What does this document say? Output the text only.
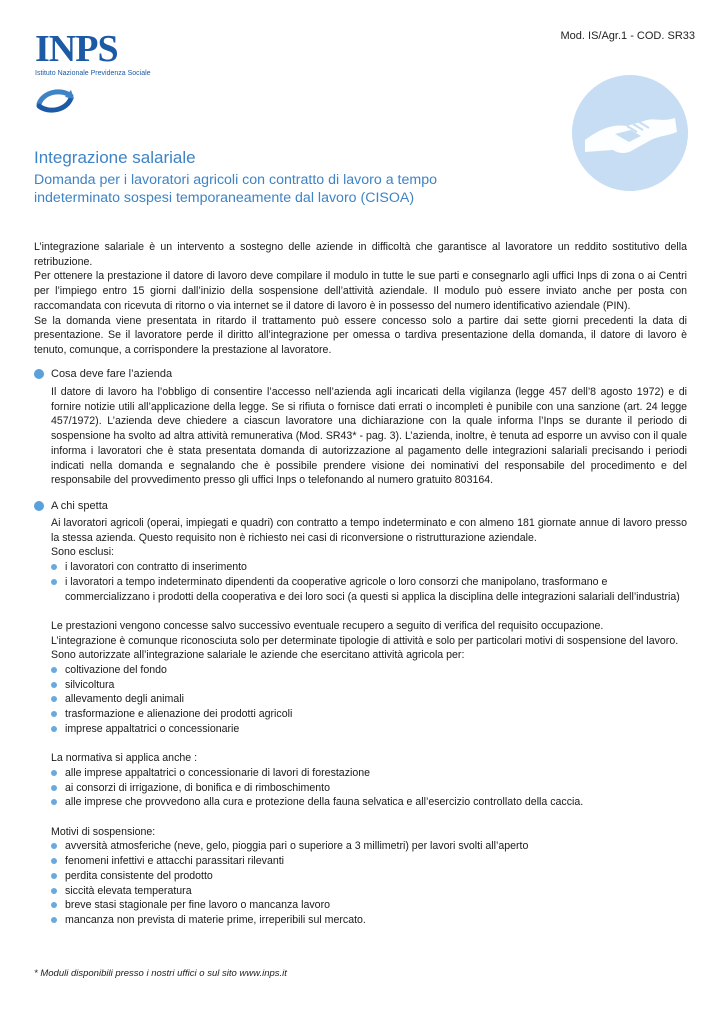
INPS
Istituto Nazionale Previdenza Sociale
Mod. IS/Agr.1 - COD. SR33
Integrazione salariale
Domanda per i lavoratori agricoli con contratto di lavoro a tempo indeterminato sospesi temporaneamente dal lavoro (CISOA)

L’integrazione salariale è un intervento a sostegno delle aziende in difficoltà che garantisce al lavoratore un reddito sostitutivo della retribuzione.

Per ottenere la prestazione il datore di lavoro deve compilare il modulo in tutte le sue parti e consegnarlo agli uffici Inps di zona o ai Centri per l’impiego entro 15 giorni dall’inizio della sospensione dell’attività aziendale. Il modulo può essere inviato anche per posta con raccomandata con ricevuta di ritorno o via internet se il datore di lavoro è in possesso del numero identificativo aziendale (PIN).

Se la domanda viene presentata in ritardo il trattamento può essere concesso solo a partire dai sette giorni precedenti la data di presentazione. Se il lavoratore perde il diritto all’integrazione per omessa o tardiva presentazione della domanda, il datore di lavoro è tenuto, comunque, a corrispondere la prestazione al lavoratore.

Cosa deve fare l’azienda
Il datore di lavoro ha l’obbligo di consentire l’accesso nell’azienda agli incaricati della vigilanza (legge 457 dell’8 agosto 1972) e di fornire notizie utili all’applicazione della legge. Se si rifiuta o fornisce dati errati o incompleti è punibile con una sanzione (art. 24 legge 457/1972). L’azienda deve chiedere a ciascun lavoratore una dichiarazione con la quale informa l’Inps se durante il periodo di sospensione ha svolto ad altra attività remunerativa (Mod. SR43* - pag. 3). L’azienda, inoltre, è tenuta ad esporre un avviso con il quale informa i lavoratori che è stata presentata domanda di autorizzazione al pagamento delle integrazioni salariali precisando i periodi indicati nella domanda e segnalando che è possibile prendere visione dei nominativi del responsabile del procedimento e del responsabile del provvedimento presso gli uffici Inps o telefonando al numero gratuito 803164.
A chi spetta

Ai lavoratori agricoli (operai, impiegati e quadri) con contratto a tempo indeterminato e con almeno 181 giornate annue di lavoro presso la stessa azienda. Questo requisito non è richiesto nei casi di riconversione o ristrutturazione aziendale.

Sono esclusi:

i lavoratori con contratto di inserimento
i lavoratori a tempo indeterminato dipendenti da cooperative agricole o loro consorzi che manipolano, trasformano e commercializzano i prodotti della cooperativa e dei loro soci (a questi si applica la disciplina delle integrazioni salariali dell’industria)

Le prestazioni vengono concesse salvo successivo eventuale recupero a seguito di verifica del requisito occupazione.

L’integrazione è comunque riconosciuta solo per determinate tipologie di attività e solo per particolari motivi di sospensione del lavoro.

Sono autorizzate all’integrazione salariale le aziende che esercitano attività agricola per:

coltivazione del fondo
silvicoltura
allevamento degli animali
trasformazione e alienazione dei prodotti agricoli
imprese appaltatrici o concessionarie

La normativa si applica anche :

alle imprese appaltatrici o concessionarie di lavori di forestazione
ai consorzi di irrigazione, di bonifica e di rimboschimento
alle imprese che provvedono alla cura e protezione della fauna selvatica e all’esercizio controllato della caccia.

Motivi di sospensione:

avversità atmosferiche (neve, gelo, pioggia pari o superiore a 3 millimetri) per lavori svolti all’aperto
fenomeni infettivi e attacchi parassitari rilevanti
perdita consistente del prodotto
siccità elevata temperatura
breve stasi stagionale per fine lavoro o mancanza lavoro
mancanza non prevista di materie prime, irreperibili sul mercato.
* Moduli disponibili presso i nostri uffici o sul sito www.inps.it
